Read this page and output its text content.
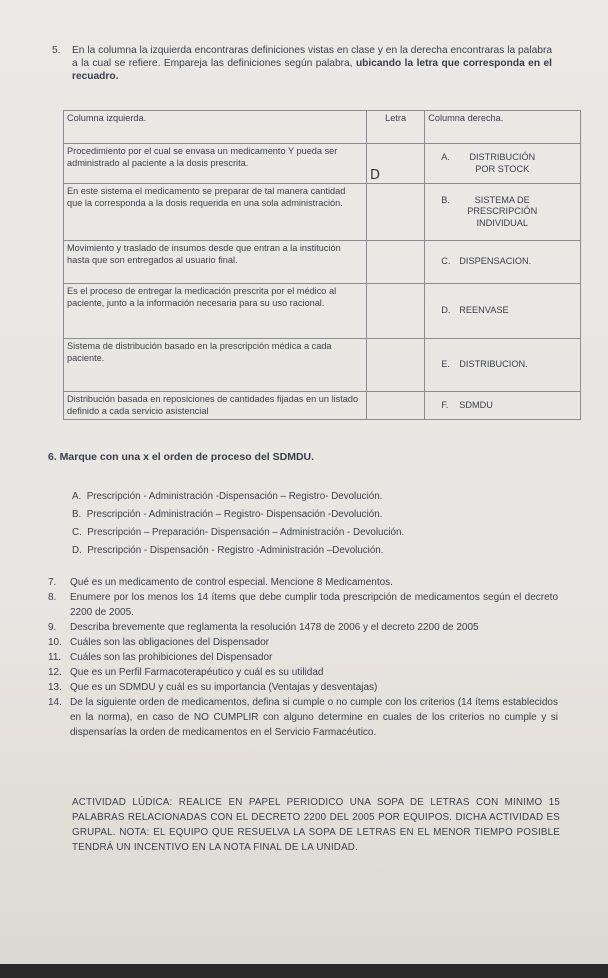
5. En la columna la izquierda encontraras definiciones vistas en clase y en la derecha encontraras la palabra a la cual se refiere. Empareja las definiciones según palabra, ubicando la letra que corresponda en el recuadro.
Columna izquierda.	Letra	Columna derecha.
Procedimiento por el cual se envasa un medicamento Y pueda ser administrado al paciente a la dosis prescrita.	D	A. DISTRIBUCIÓN POR STOCK
En este sistema el medicamento se preparar de tal manera cantidad que la corresponda a la dosis requerida en una sola administración.		B. SISTEMA DE PRESCRIPCIÓN INDIVIDUAL
Movimiento y traslado de insumos desde que entran a la institución hasta que son entregados al usuario final.		C. DISPENSACION.
Es el proceso de entregar la medicación prescrita por el médico al paciente, junto a la información necesaria para su uso racional.		D. REENVASE
Sistema de distribución basado en la prescripción médica a cada paciente.		E. DISTRIBUCION.
Distribución basada en reposiciones de cantidades fijadas en un listado definido a cada servicio asistencial		F. SDMDU
6. Marque con una x el orden de proceso del SDMDU.
A. Prescripción - Administración -Dispensación – Registro- Devolución.
B. Prescripción - Administración – Registro- Dispensación -Devolución.
C. Prescripción – Preparación- Dispensación – Administración - Devolución.
D. Prescripción - Dispensación - Registro -Administración –Devolución.
7.	Qué es un medicamento de control especial. Mencione 8 Medicamentos.
8.	Enumere por los menos los 14 ítems que debe cumplir toda prescripción de medicamentos según el decreto 2200 de 2005.
9.	Describa brevemente que reglamenta la resolución 1478 de 2006 y el decreto 2200 de 2005
10. Cuáles son las obligaciones del Dispensador
11. Cuáles son las prohibiciones del Dispensador
12. Que es un Perfil Farmacoterapéutico y cuál es su utilidad
13. Que es un SDMDU y cuál es su importancia (Ventajas y desventajas)
14. De la siguiente orden de medicamentos, defina si cumple o no cumple con los criterios (14 ítems establecidos en la norma), en caso de NO CUMPLIR con alguno determine en cuales de los criterios no cumple y si dispensarías la orden de medicamentos en el Servicio Farmacéutico.
ACTIVIDAD LÚDICA: REALICE EN PAPEL PERIODICO UNA SOPA DE LETRAS CON MINIMO 15 PALABRAS RELACIONADAS CON EL DECRETO 2200 DEL 2005 POR EQUIPOS. DICHA ACTIVIDAD ES GRUPAL. NOTA: EL EQUIPO QUE RESUELVA LA SOPA DE LETRAS EN EL MENOR TIEMPO POSIBLE TENDRÁ UN INCENTIVO EN LA NOTA FINAL DE LA UNIDAD.
